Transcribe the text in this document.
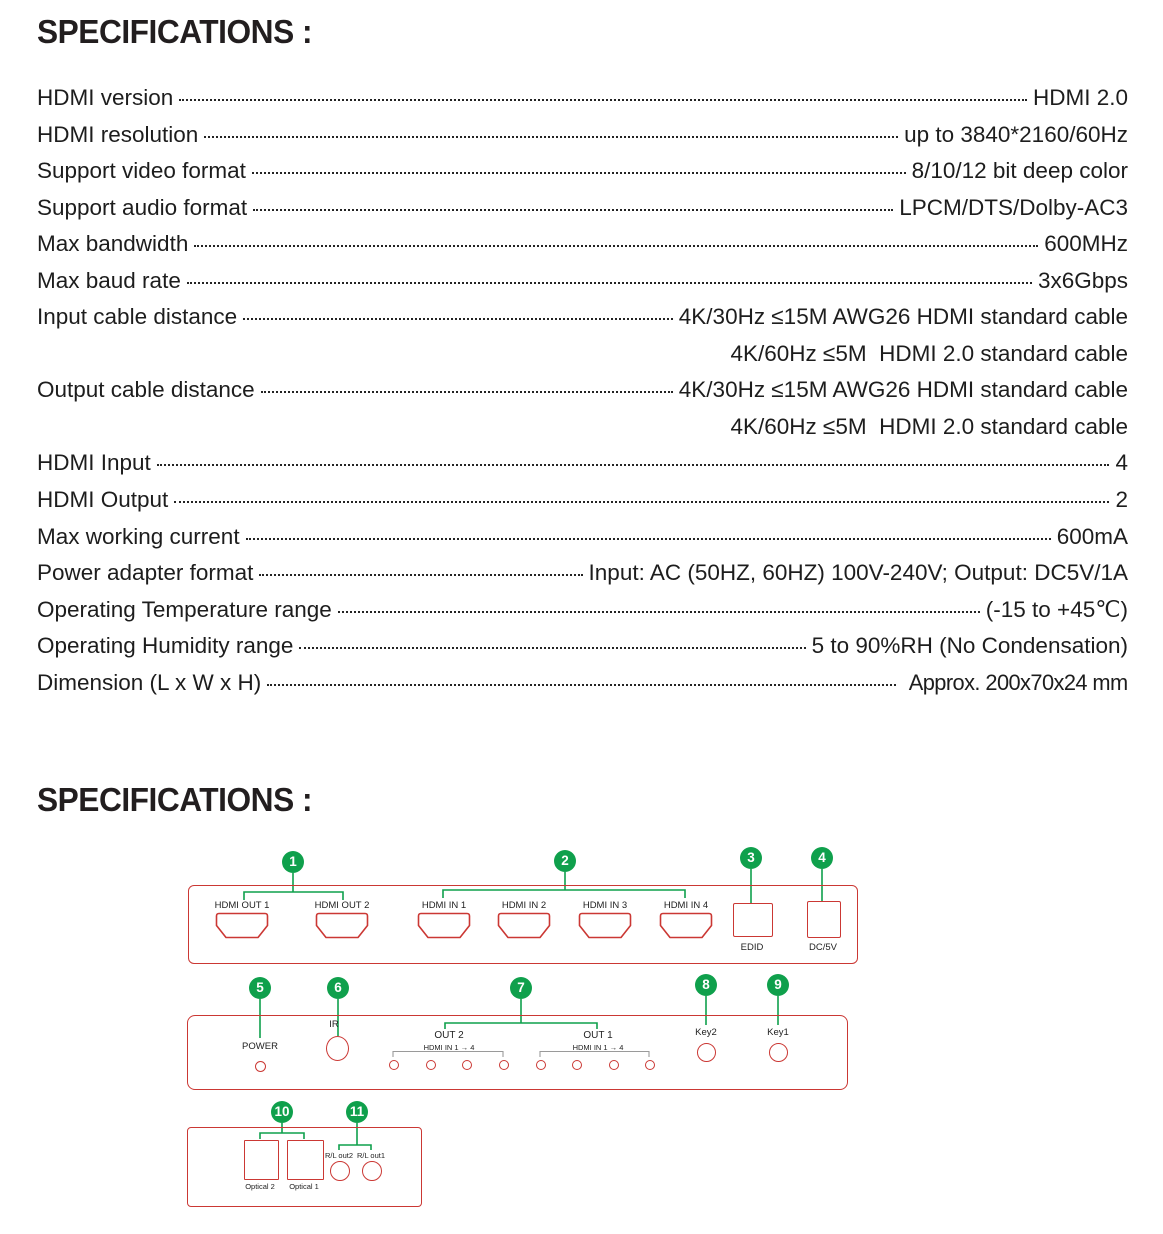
SPECIFICATIONS :
HDMI version	HDMI 2.0
HDMI resolution	up to 3840*2160/60Hz
Support video format	8/10/12 bit deep color
Support audio format	LPCM/DTS/Dolby-AC3
Max bandwidth	600MHz
Max baud rate	3x6Gbps
Input cable distance	4K/30Hz ≤15M AWG26 HDMI standard cable
4K/60Hz ≤5M  HDMI 2.0 standard cable
Output cable distance	4K/30Hz ≤15M AWG26 HDMI standard cable
4K/60Hz ≤5M  HDMI 2.0 standard cable
HDMI Input	4
HDMI Output	2
Max working current	600mA
Power adapter format	Input: AC (50HZ, 60HZ) 100V-240V; Output: DC5V/1A
Operating Temperature range	(-15 to +45℃)
Operating Humidity range	5 to 90%RH (No Condensation)
Dimension (L x W x H)	Approx. 200x70x24 mm
SPECIFICATIONS :
1	2	3	4
5	6	7	8	9
10	11
HDMI OUT 1	HDMI OUT 2	HDMI IN 1	HDMI IN 2	HDMI IN 3	HDMI IN 4
EDID	DC/5V
POWER
IR
OUT 2
HDMI IN 1 → 4
OUT 1
HDMI IN 1 → 4
Key2	Key1
Optical 2	Optical 1
R/L out2 R/L out1
